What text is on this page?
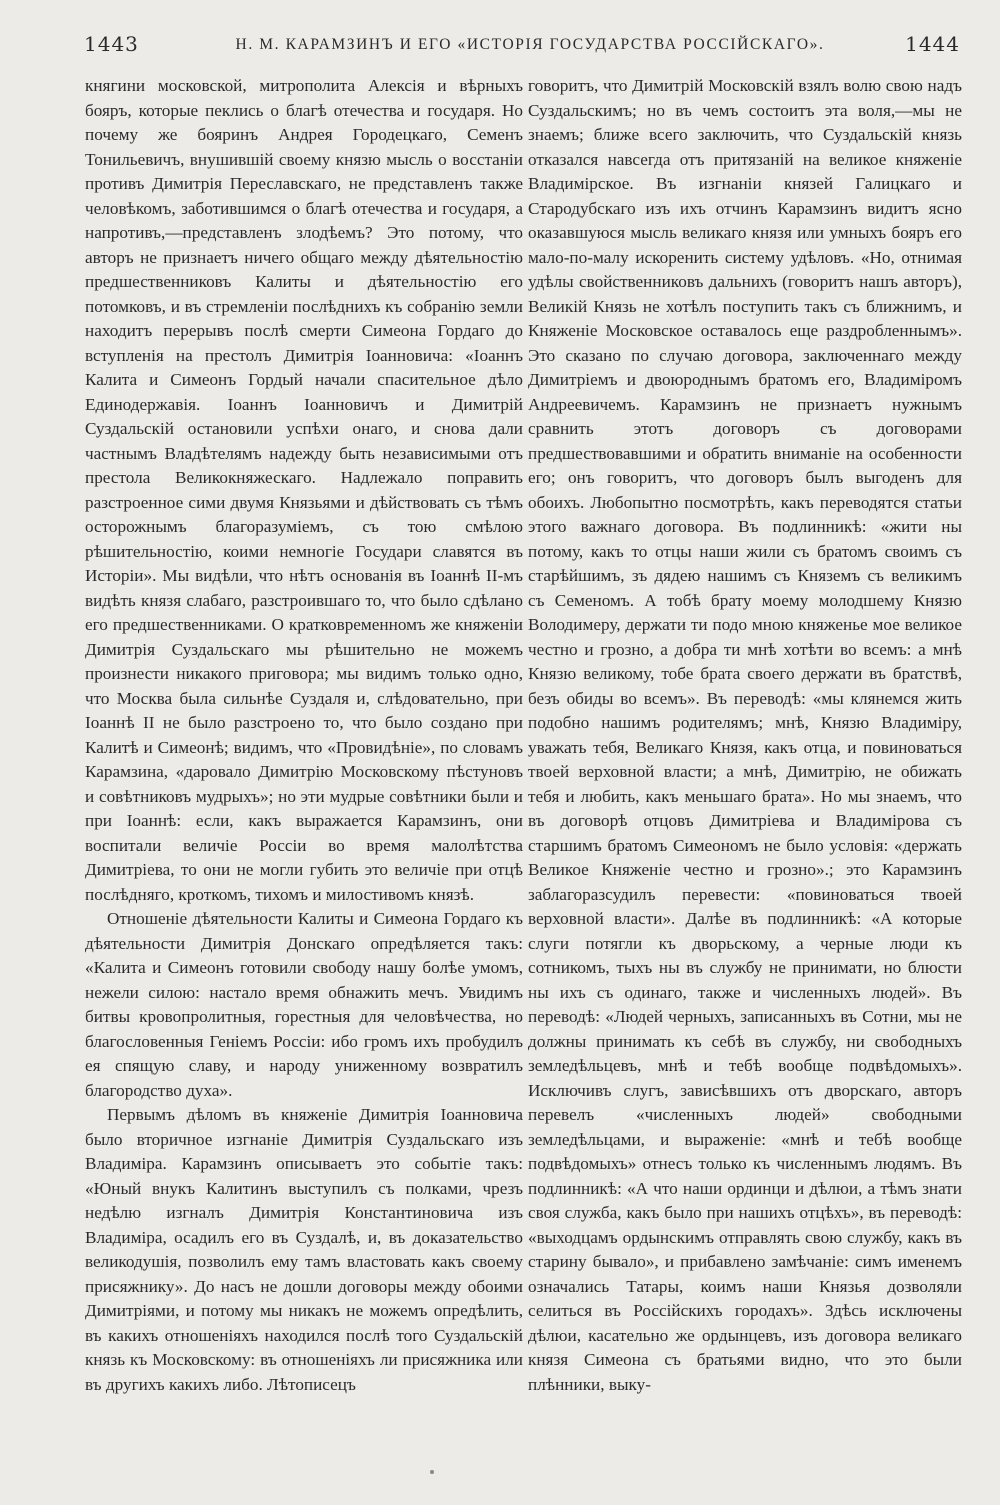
1443	Н. М. КАРАМЗИНЪ И ЕГО «ИСТОРІЯ ГОСУДАРСТВА РОССІЙСКАГО».	1444

княгини московской, митрополита Алексія и вѣрныхъ бояръ, которые пеклись о благѣ отечества и государя. Но почему же бояринъ Андрея Городецкаго, Семенъ Тонильевичъ, внушившій своему князю мысль о восстаніи противъ Димитрія Переславскаго, не представленъ также человѣкомъ, заботившимся о благѣ отечества и государя, а напротивъ,—представленъ злодѣемъ? Это потому, что авторъ не признаетъ ничего общаго между дѣятельностію предшественниковъ Калиты и дѣятельностію его потомковъ, и въ стремленіи послѣднихъ къ собранію земли находитъ перерывъ послѣ смерти Симеона Гордаго до вступленія на престолъ Димитрія Іоанновича: «Іоаннъ Калита и Симеонъ Гордый начали спасительное дѣло Единодержавія. Іоаннъ Іоанновичъ и Димитрій Суздальскій остановили успѣхи онаго, и снова дали частнымъ Владѣтелямъ надежду быть независимыми отъ престола Великокняжескаго. Надлежало поправить разстроенное сими двумя Князьями и дѣйствовать съ тѣмъ осторожнымъ благоразуміемъ, съ тою смѣлою рѣшительностію, коими немногіе Государи славятся въ Исторіи». Мы видѣли, что нѣтъ основанія въ Іоаннѣ II-мъ видѣть князя слабаго, разстроившаго то, что было сдѣлано его предшественниками. О кратковременномъ же княженіи Димитрія Суздальскаго мы рѣшительно не можемъ произнести никакого приговора; мы видимъ только одно, что Москва была сильнѣе Суздаля и, слѣдовательно, при Іоаннѣ II не было разстроено то, что было создано при Калитѣ и Симеонѣ; видимъ, что «Провидѣніе», по словамъ Карамзина, «даровало Димитрію Московскому пѣстуновъ и совѣтниковъ мудрыхъ»; но эти мудрые совѣтники были и при Іоаннѣ: если, какъ выражается Карамзинъ, они воспитали величіе Россіи во время малолѣтства Димитріева, то они не могли губить это величіе при отцѣ послѣдняго, кроткомъ, тихомъ и милостивомъ князѣ.

Отношеніе дѣятельности Калиты и Симеона Гордаго къ дѣятельности Димитрія Донскаго опредѣляется такъ: «Калита и Симеонъ готовили свободу нашу болѣе умомъ, нежели силою: настало время обнажить мечъ. Увидимъ битвы кровопролитныя, горестныя для человѣчества, но благословенныя Геніемъ Россіи: ибо громъ ихъ пробудилъ ея спящую славу, и народу униженному возвратилъ благородство духа».

Первымъ дѣломъ въ княженіе Димитрія Іоанновича было вторичное изгнаніе Димитрія Суздальскаго изъ Владиміра. Карамзинъ описываетъ это событіе такъ: «Юный внукъ Калитинъ выступилъ съ полками, чрезъ недѣлю изгналъ Димитрія Константиновича изъ Владиміра, осадилъ его въ Суздалѣ, и, въ доказательство великодушія, позволилъ ему тамъ властовать какъ своему присяжнику». До насъ не дошли договоры между обоими Димитріями, и потому мы никакъ не можемъ опредѣлить, въ какихъ отношеніяхъ находился послѣ того Суздальскій князь къ Московскому: въ отношеніяхъ ли присяжника или въ другихъ какихъ либо. Лѣтописецъ

говоритъ, что Димитрій Московскій взялъ волю свою надъ Суздальскимъ; но въ чемъ состоитъ эта воля,—мы не знаемъ; ближе всего заключить, что Суздальскій князь отказался навсегда отъ притязаній на великое княженіе Владимірское. Въ изгнаніи князей Галицкаго и Стародубскаго изъ ихъ отчинъ Карамзинъ видитъ ясно оказавшуюся мысль великаго князя или умныхъ бояръ его мало-по-малу искоренить систему удѣловъ. «Но, отнимая удѣлы свойственниковъ дальнихъ (говоритъ нашъ авторъ), Великій Князь не хотѣлъ поступить такъ съ ближнимъ, и Княженіе Московское оставалось еще раздробленнымъ». Это сказано по случаю договора, заключеннаго между Димитріемъ и двоюроднымъ братомъ его, Владиміромъ Андреевичемъ. Карамзинъ не признаетъ нужнымъ сравнить этотъ договоръ съ договорами предшествовавшими и обратить вниманіе на особенности его; онъ говоритъ, что договоръ былъ выгоденъ для обоихъ. Любопытно посмотрѣть, какъ переводятся статьи этого важнаго договора. Въ подлинникѣ: «жити ны потому, какъ то отцы наши жили съ братомъ своимъ съ старѣйшимъ, зъ дядею нашимъ съ Княземъ съ великимъ съ Семеномъ. А тобѣ брату моему молодшему Князю Володимеру, держати ти подо мною княженье мое великое честно и грозно, а добра ти мнѣ хотѣти во всемъ: а мнѣ Князю великому, тобе брата своего держати въ братствѣ, безъ обиды во всемъ». Въ переводѣ: «мы клянемся жить подобно нашимъ родителямъ; мнѣ, Князю Владиміру, уважать тебя, Великаго Князя, какъ отца, и повиноваться твоей верховной власти; а мнѣ, Димитрію, не обижать тебя и любить, какъ меньшаго брата». Но мы знаемъ, что въ договорѣ отцовъ Димитріева и Владимірова съ старшимъ братомъ Симеономъ не было условія: «держать Великое Княженіе честно и грозно».; это Карамзинъ заблагоразсудилъ перевести: «повиноваться твоей верховной власти». Далѣе въ подлинникѣ: «А которые слуги потягли къ дворьскому, а черные люди къ сотникомъ, тыхъ ны въ службу не принимати, но блюсти ны ихъ съ одинаго, также и численныхъ людей». Въ переводѣ: «Людей черныхъ, записанныхъ въ Сотни, мы не должны принимать къ себѣ въ службу, ни свободныхъ земледѣльцевъ, мнѣ и тебѣ вообще подвѣдомыхъ». Исключивъ слугъ, зависѣвшихъ отъ дворскаго, авторъ перевелъ «численныхъ людей» свободными земледѣльцами, и выраженіе: «мнѣ и тебѣ вообще подвѣдомыхъ» отнесъ только къ численнымъ людямъ. Въ подлинникѣ: «А что наши ординци и дѣлюи, а тѣмъ знати своя служба, какъ было при нашихъ отцѣхъ», въ переводѣ: «выходцамъ ордынскимъ отправлять свою службу, какъ въ старину бывало», и прибавлено замѣчаніе: симъ именемъ означались Татары, коимъ наши Князья дозволяли селиться въ Россійскихъ городахъ». Здѣсь исключены дѣлюи, касательно же ордынцевъ, изъ договора великаго князя Симеона съ братьями видно, что это были плѣнники, выку-
